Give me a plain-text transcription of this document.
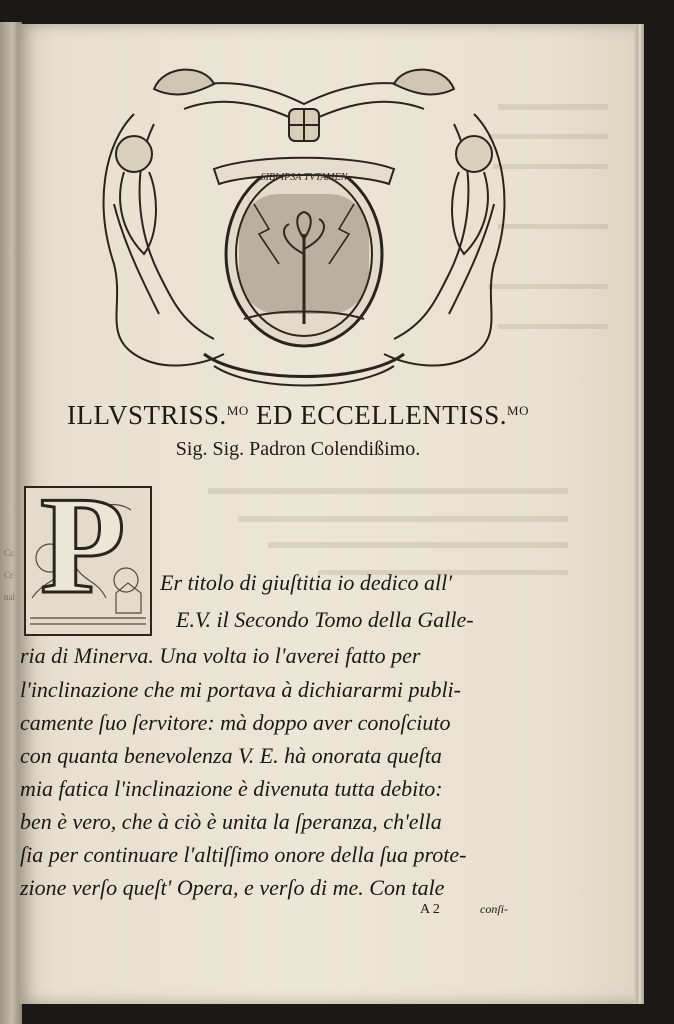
CcCrnal
SIBI IPSA TVTAMEN
ILLVSTRISS.$^{MO}$ ED ECCELLENTISS.$^{MO}$
Sig. Sig. Padron Colendißimo.
P Er titolo di giuſtitia io dedico all'
E.V. il Secondo Tomo della Galle-
ria di Minerva. Una volta io l'averei fatto per
l'inclinazione che mi portava à dichiararmi publi-
camente ſuo ſervitore: mà doppo aver conoſciuto
con quanta benevolenza V. E. hà onorata queſta
mia fatica l'inclinazione è divenuta tutta debito:
ben è vero, che à ciò è unita la ſperanza, ch'ella
ſia per continuare l'altiſſimo onore della ſua prote-
zione verſo queſt' Opera, e verſo di me. Con tale
A 2	conſi-
